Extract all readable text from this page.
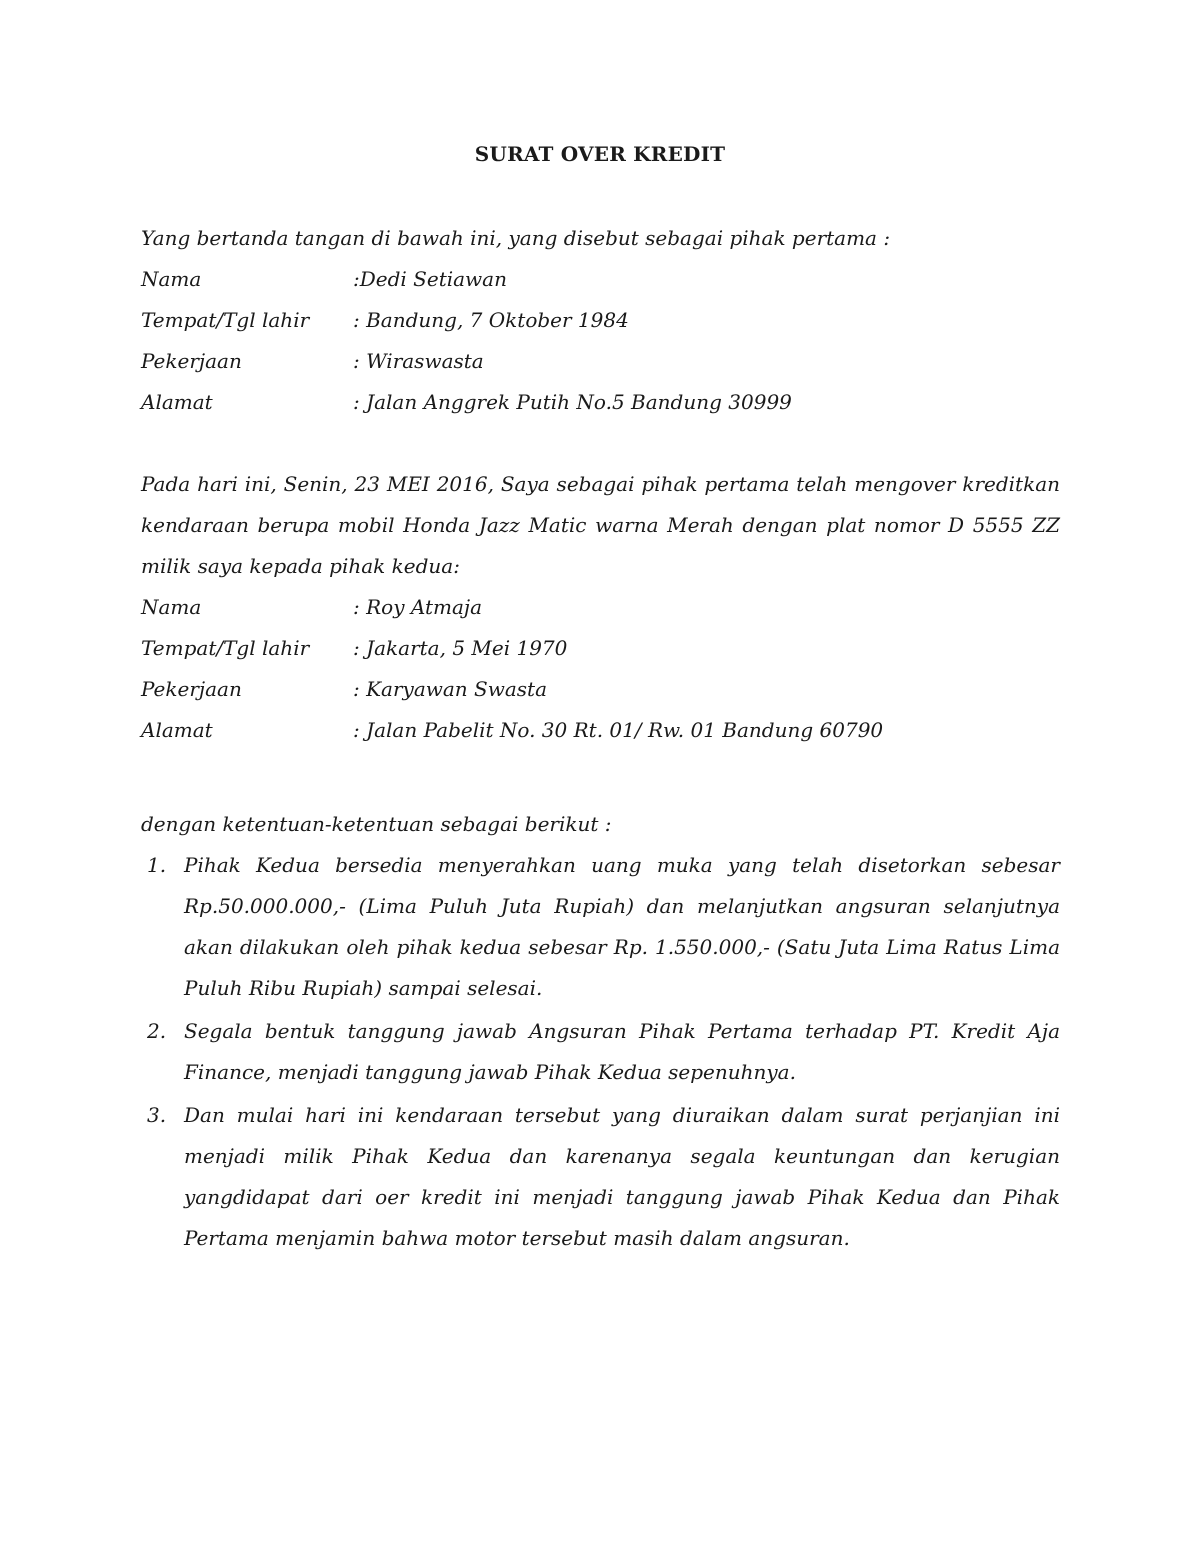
SURAT OVER KREDIT
Yang bertanda tangan di bawah ini, yang disebut sebagai pihak pertama :
Nama	:Dedi Setiawan
Tempat/Tgl lahir : Bandung, 7 Oktober 1984
Pekerjaan	: Wiraswasta
Alamat	: Jalan Anggrek Putih No.5 Bandung 30999

Pada hari ini, Senin, 23 MEI 2016, Saya sebagai pihak pertama telah mengover kreditkan kendaraan berupa mobil Honda Jazz Matic warna Merah dengan plat nomor D 5555 ZZ milik saya kepada pihak kedua:

Nama	: Roy Atmaja
Tempat/Tgl lahir : Jakarta, 5 Mei 1970
Pekerjaan	: Karyawan Swasta
Alamat	: Jalan Pabelit No. 30 Rt. 01/ Rw. 01 Bandung 60790
dengan ketentuan-ketentuan sebagai berikut :
1. Pihak Kedua bersedia menyerahkan uang muka yang telah disetorkan sebesar Rp.50.000.000,- (Lima Puluh Juta Rupiah) dan melanjutkan angsuran selanjutnya akan dilakukan oleh pihak kedua sebesar Rp. 1.550.000,- (Satu Juta Lima Ratus Lima Puluh Ribu Rupiah) sampai selesai.
2. Segala bentuk tanggung jawab Angsuran Pihak Pertama terhadap PT. Kredit Aja Finance, menjadi tanggung jawab Pihak Kedua sepenuhnya.
3. Dan mulai hari ini kendaraan tersebut yang diuraikan dalam surat perjanjian ini menjadi milik Pihak Kedua dan karenanya segala keuntungan dan kerugian yangdidapat dari oer kredit ini menjadi tanggung jawab Pihak Kedua dan Pihak Pertama menjamin bahwa motor tersebut masih dalam angsuran.
